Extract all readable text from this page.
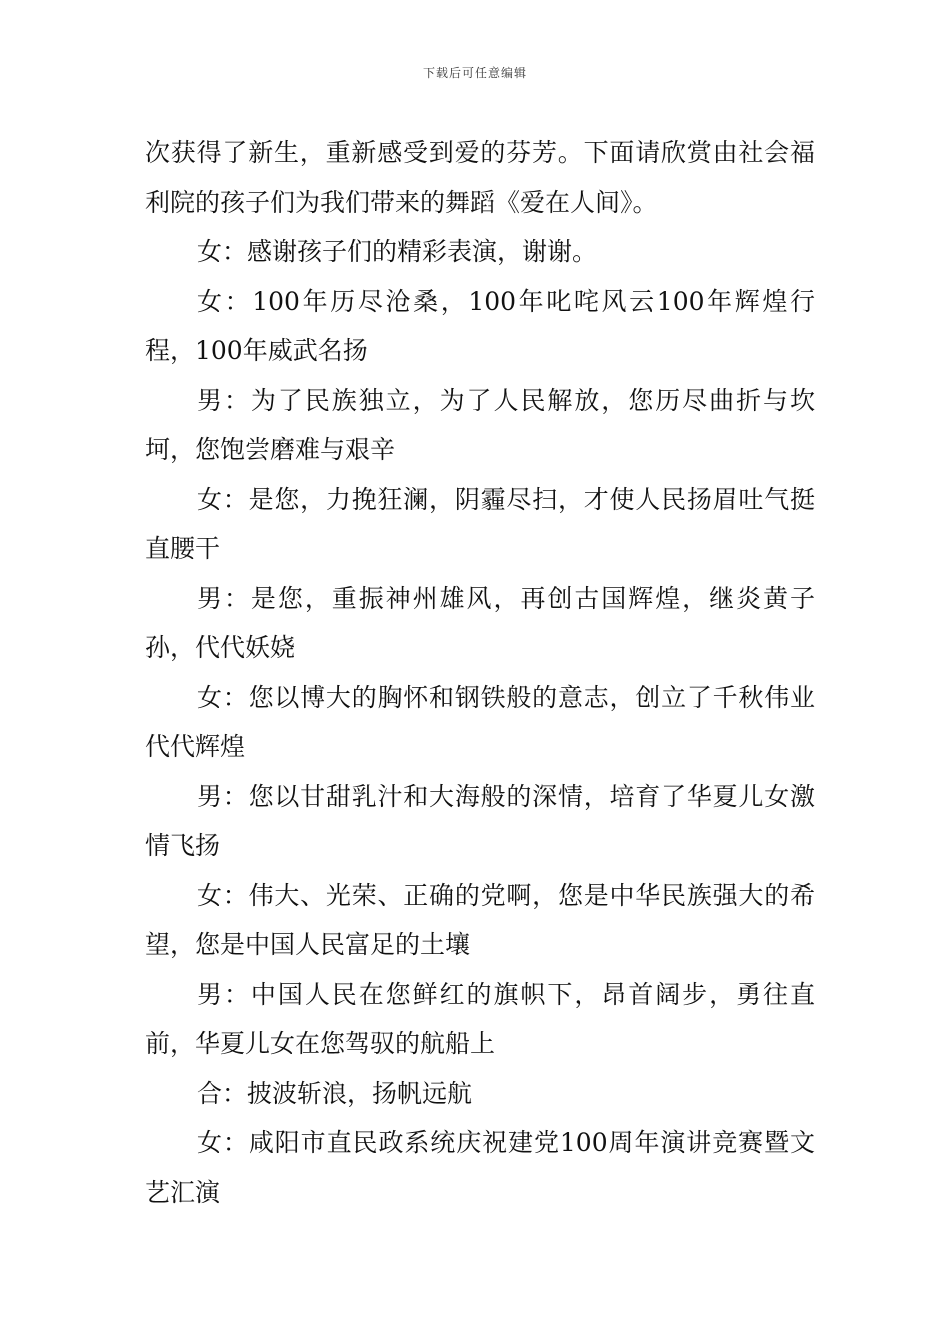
下载后可任意编辑

次获得了新生，重新感受到爱的芬芳。下面请欣赏由社会福利院的孩子们为我们带来的舞蹈《爱在人间》。

女：感谢孩子们的精彩表演，谢谢。

女：100年历尽沧桑，100年叱咤风云100年辉煌行程，100年威武名扬

男：为了民族独立，为了人民解放，您历尽曲折与坎坷，您饱尝磨难与艰辛

女：是您，力挽狂澜，阴霾尽扫，才使人民扬眉吐气挺直腰干

男：是您，重振神州雄风，再创古国辉煌，继炎黄子孙，代代妖娆

女：您以博大的胸怀和钢铁般的意志，创立了千秋伟业代代辉煌

男：您以甘甜乳汁和大海般的深情，培育了华夏儿女激情飞扬

女：伟大、光荣、正确的党啊，您是中华民族强大的希望，您是中国人民富足的土壤

男：中国人民在您鲜红的旗帜下，昂首阔步，勇往直前，华夏儿女在您驾驭的航船上

合：披波斩浪，扬帆远航

女：咸阳市直民政系统庆祝建党100周年演讲竞赛暨文艺汇演
